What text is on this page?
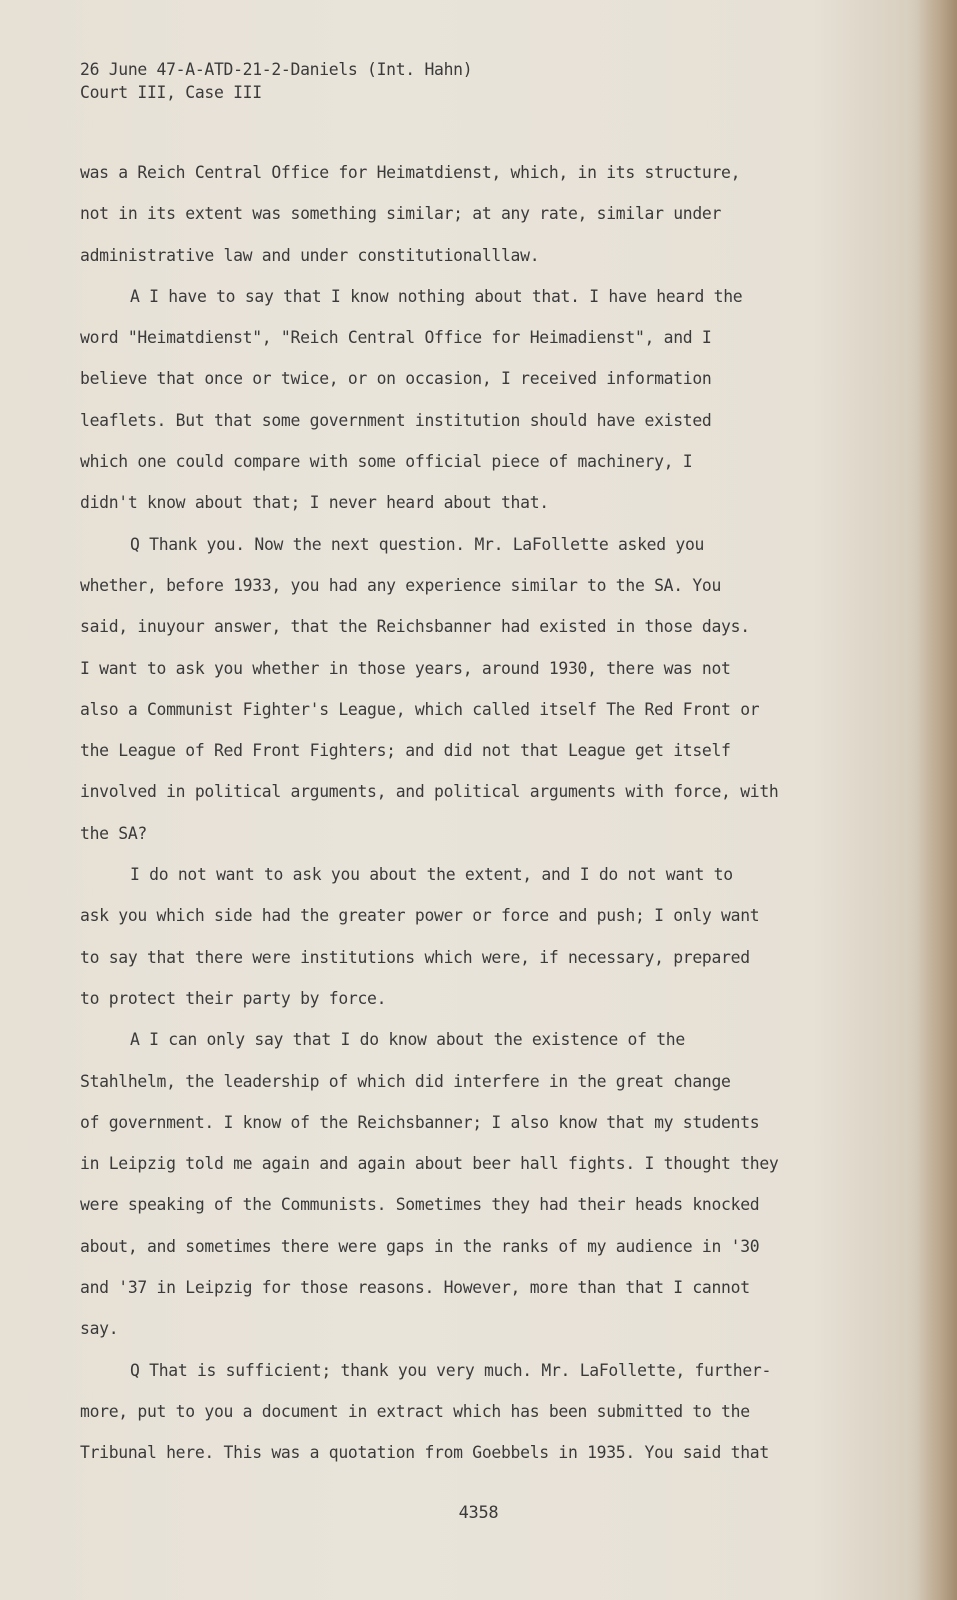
26 June 47-A-ATD-21-2-Daniels (Int. Hahn)
Court III, Case III
was a Reich Central Office for Heimatdienst, which, in its structure,
not in its extent was something similar; at any rate, similar under
administrative law and under constitutionalllaw.
A I have to say that I know nothing about that. I have heard the
word "Heimatdienst", "Reich Central Office for Heimadienst", and I
believe that once or twice, or on occasion, I received information
leaflets. But that some government institution should have existed
which one could compare with some official piece of machinery, I
didn't know about that; I never heard about that.
Q Thank you. Now the next question. Mr. LaFollette asked you
whether, before 1933, you had any experience similar to the SA. You
said, inuyour answer, that the Reichsbanner had existed in those days.
I want to ask you whether in those years, around 1930, there was not
also a Communist Fighter's League, which called itself The Red Front or
the League of Red Front Fighters; and did not that League get itself
involved in political arguments, and political arguments with force, with
the SA?
I do not want to ask you about the extent, and I do not want to
ask you which side had the greater power or force and push; I only want
to say that there were institutions which were, if necessary, prepared
to protect their party by force.
A I can only say that I do know about the existence of the
Stahlhelm, the leadership of which did interfere in the great change
of government. I know of the Reichsbanner; I also know that my students
in Leipzig told me again and again about beer hall fights. I thought they
were speaking of the Communists. Sometimes they had their heads knocked
about, and sometimes there were gaps in the ranks of my audience in '30
and '37 in Leipzig for those reasons. However, more than that I cannot
say.
Q That is sufficient; thank you very much. Mr. LaFollette, further-
more, put to you a document in extract which has been submitted to the
Tribunal here. This was a quotation from Goebbels in 1935. You said that
4358
